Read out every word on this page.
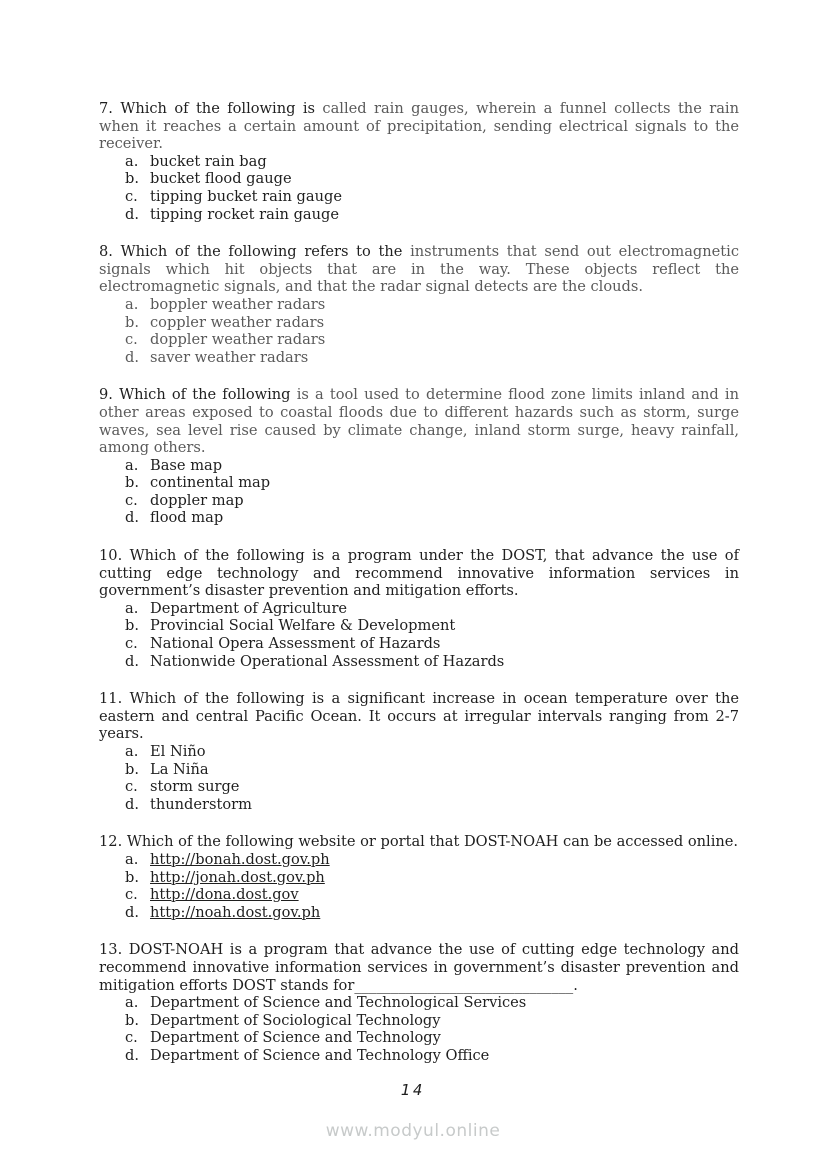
7. Which of the following is called rain gauges, wherein a funnel collects the rain when it reaches a certain amount of precipitation, sending electrical signals to the receiver.

a. bucket rain bag
b. bucket flood gauge
c. tipping bucket rain gauge
d. tipping rocket rain gauge

8. Which of the following refers to the instruments that send out electromagnetic signals which hit objects that are in the way. These objects reflect the electromagnetic signals, and that the radar signal detects are the clouds.

a. boppler weather radars
b. coppler weather radars
c. doppler weather radars
d. saver weather radars

9. Which of the following is a tool used to determine flood zone limits inland and in other areas exposed to coastal floods due to different hazards such as storm, surge waves, sea level rise caused by climate change, inland storm surge, heavy rainfall, among others.

a. Base map
b. continental map
c. doppler map
d. flood map

10. Which of the following is a program under the DOST, that advance the use of cutting edge technology and recommend innovative information services in government’s disaster prevention and mitigation efforts.

a. Department of Agriculture
b. Provincial Social Welfare & Development
c. National Opera Assessment of Hazards
d. Nationwide Operational Assessment of Hazards

11. Which of the following is a significant increase in ocean temperature over the eastern and central Pacific Ocean. It occurs at irregular intervals ranging from 2-7 years.

a. El Niño
b. La Niña
c. storm surge
d. thunderstorm

12. Which of the following website or portal that DOST-NOAH can be accessed online.

a. http://bonah.dost.gov.ph
b. http://jonah.dost.gov.ph
c. http://dona.dost.gov
d. http://noah.dost.gov.ph

13. DOST-NOAH is a program that advance the use of cutting edge technology and recommend innovative information services in government’s disaster prevention and mitigation efforts DOST stands for______________________________.

a. Department of Science and Technological Services
b. Department of Sociological Technology
c. Department of Science and Technology
d. Department of Science and Technology Office
14
www.modyul.online
